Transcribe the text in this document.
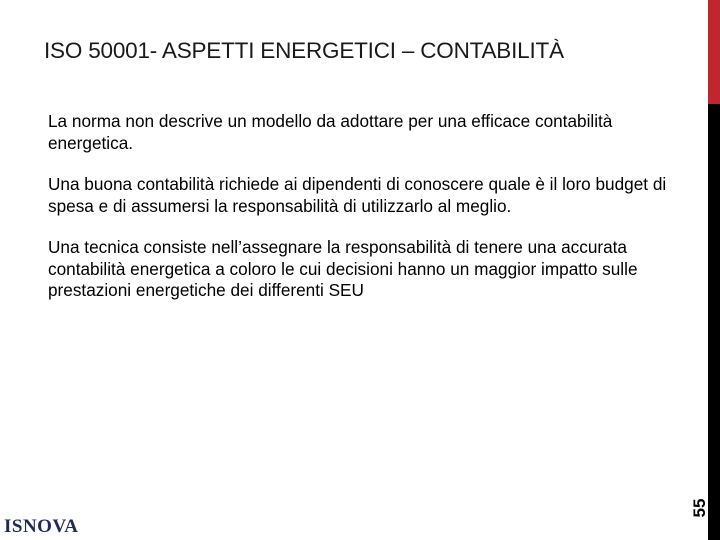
ISO 50001- ASPETTI ENERGETICI – CONTABILITÀ

La norma non descrive un modello da adottare per una efficace contabilità energetica.

Una buona contabilità richiede ai dipendenti di conoscere quale è il loro budget di spesa e di assumersi la responsabilità di utilizzarlo al meglio.

Una tecnica consiste nell’assegnare la responsabilità di tenere una accurata contabilità energetica a coloro le cui decisioni hanno un maggior impatto sulle prestazioni energetiche dei differenti SEU

55
ISNOVA
